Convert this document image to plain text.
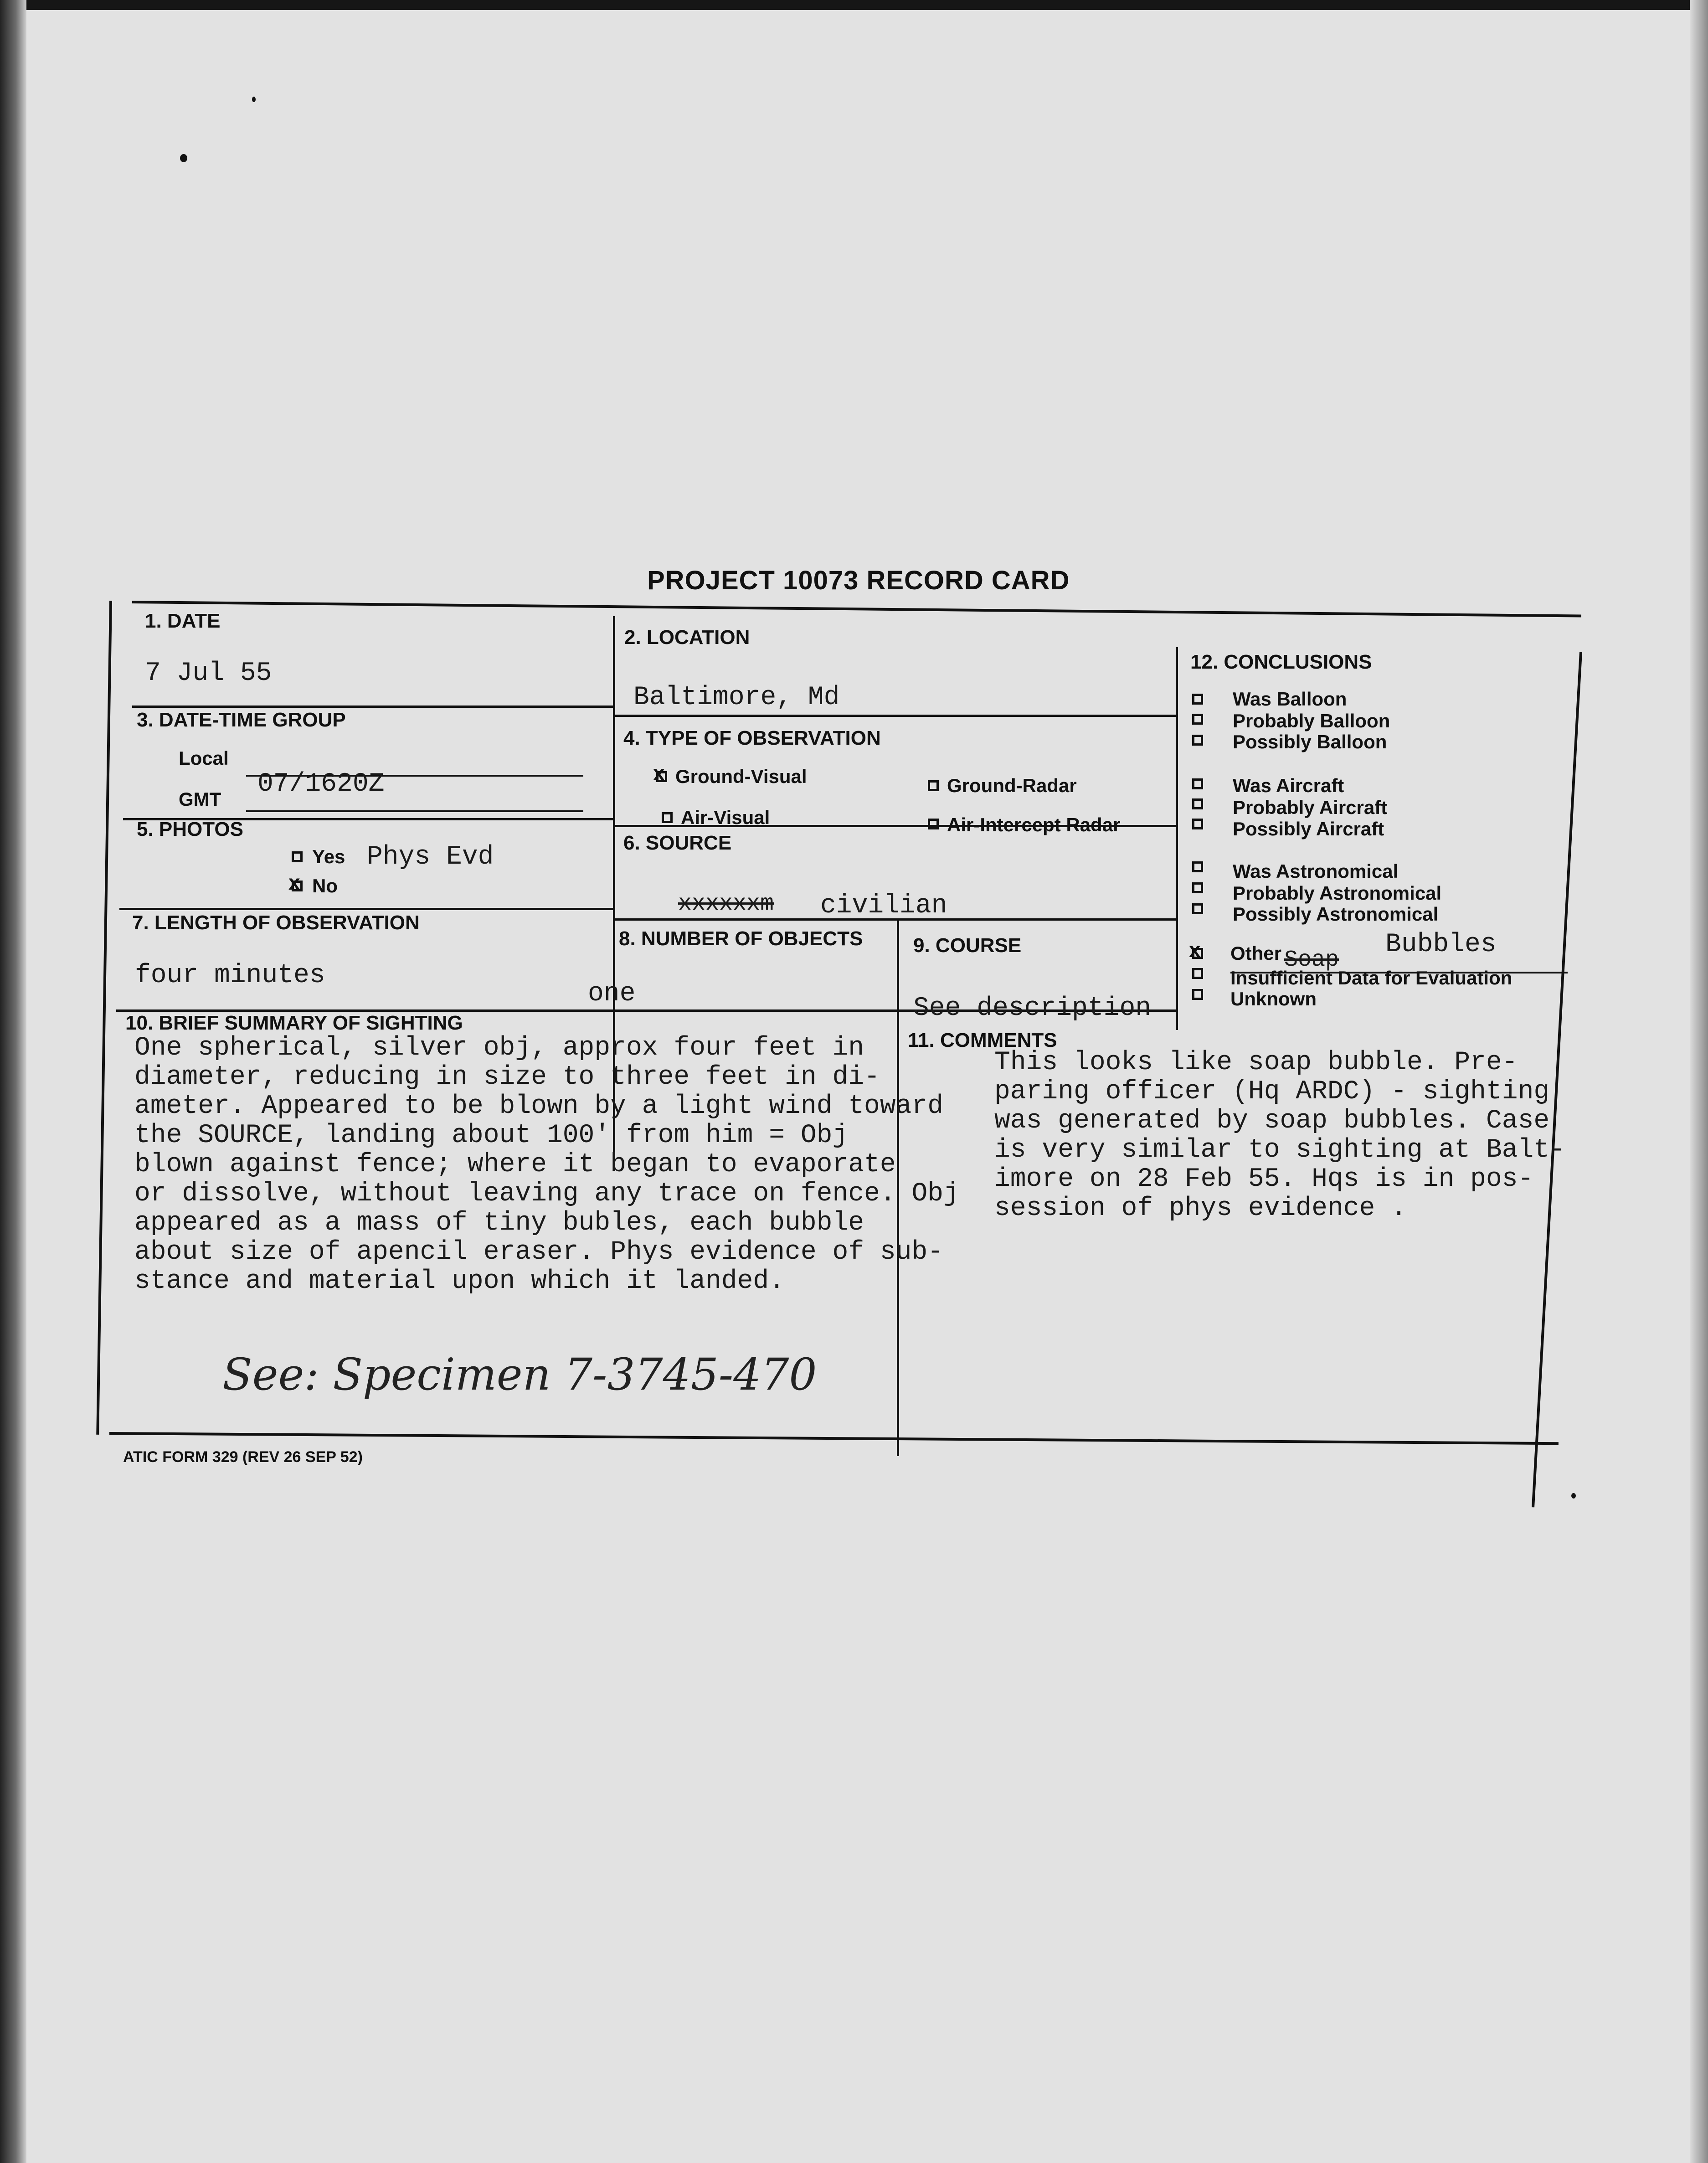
PROJECT 10073 RECORD CARD
1. DATE
7 Jul 55
2. LOCATION
Baltimore, Md
3. DATE-TIME GROUP
Local
GMT
07/1620Z
4. TYPE OF OBSERVATION
x
Ground-Visual	Ground-Radar
Air-Visual	Air-Intercept Radar
5. PHOTOS
Yes Phys Evd
x
No
6. SOURCE
xxxxxxm civilian
7. LENGTH OF OBSERVATION
four minutes
8. NUMBER OF OBJECTS
one
9. COURSE
See description
10. BRIEF SUMMARY OF SIGHTING
One spherical, silver obj, approx four feet in
diameter, reducing in size to three feet in di-
ameter. Appeared to be blown by a light wind toward
the SOURCE, landing about 100' from him = Obj
blown against fence; where it began to evaporate
or dissolve, without leaving any trace on fence. Obj
appeared as a mass of tiny bubles, each bubble
about size of apencil eraser. Phys evidence of sub-
stance and material upon which it landed.
See: Specimen 7-3745-470
11. COMMENTS
This looks like soap bubble. Pre-
paring officer (Hq ARDC) - sighting
was generated by soap bubbles. Case
is very similar to sighting at Balt-
imore on 28 Feb 55. Hqs is in pos-
session of phys evidence .
12. CONCLUSIONS
Was Balloon
Probably Balloon
Possibly Balloon
Was Aircraft
Probably Aircraft
Possibly Aircraft
Was Astronomical
Probably Astronomical
Possibly Astronomical
x
Other Soap
Bubbles
Insufficient Data for Evaluation
Unknown
ATIC FORM 329 (REV 26 SEP 52)
